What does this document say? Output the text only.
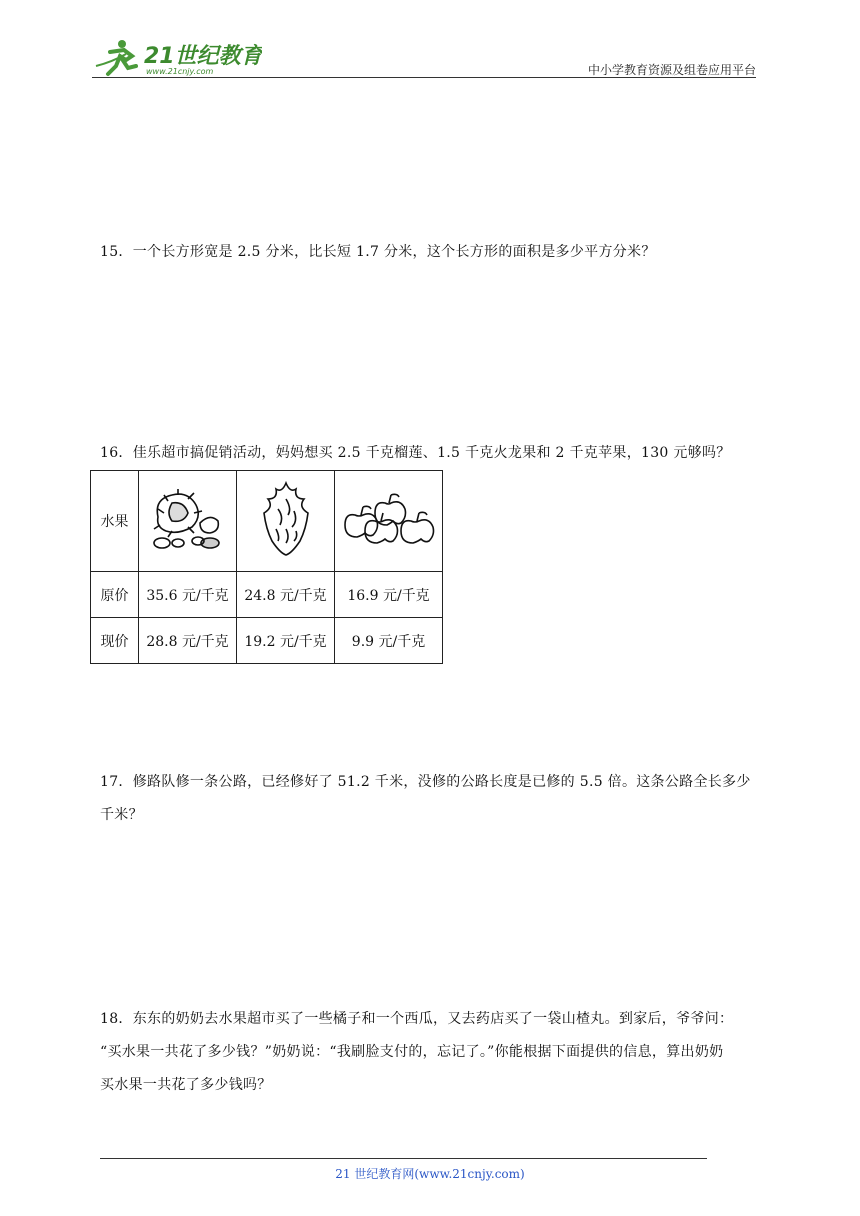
21世纪教育
www.21cnjy.com	中小学教育资源及组卷应用平台
15．一个长方形宽是 2.5 分米，比长短 1.7 分米，这个长方形的面积是多少平方分米？
16．佳乐超市搞促销活动，妈妈想买 2.5 千克榴莲、1.5 千克火龙果和 2 千克苹果，130 元够吗？
水果			
原价	35.6 元/千克	24.8 元/千克	16.9 元/千克
现价	28.8 元/千克	19.2 元/千克	9.9 元/千克
17．修路队修一条公路，已经修好了 51.2 千米，没修的公路长度是已修的 5.5 倍。这条公路全长多少
千米？
18．东东的奶奶去水果超市买了一些橘子和一个西瓜，又去药店买了一袋山楂丸。到家后，爷爷问：
“买水果一共花了多少钱？”奶奶说：“我刷脸支付的，忘记了。”你能根据下面提供的信息，算出奶奶
买水果一共花了多少钱吗？
21 世纪教育网(www.21cnjy.com)
